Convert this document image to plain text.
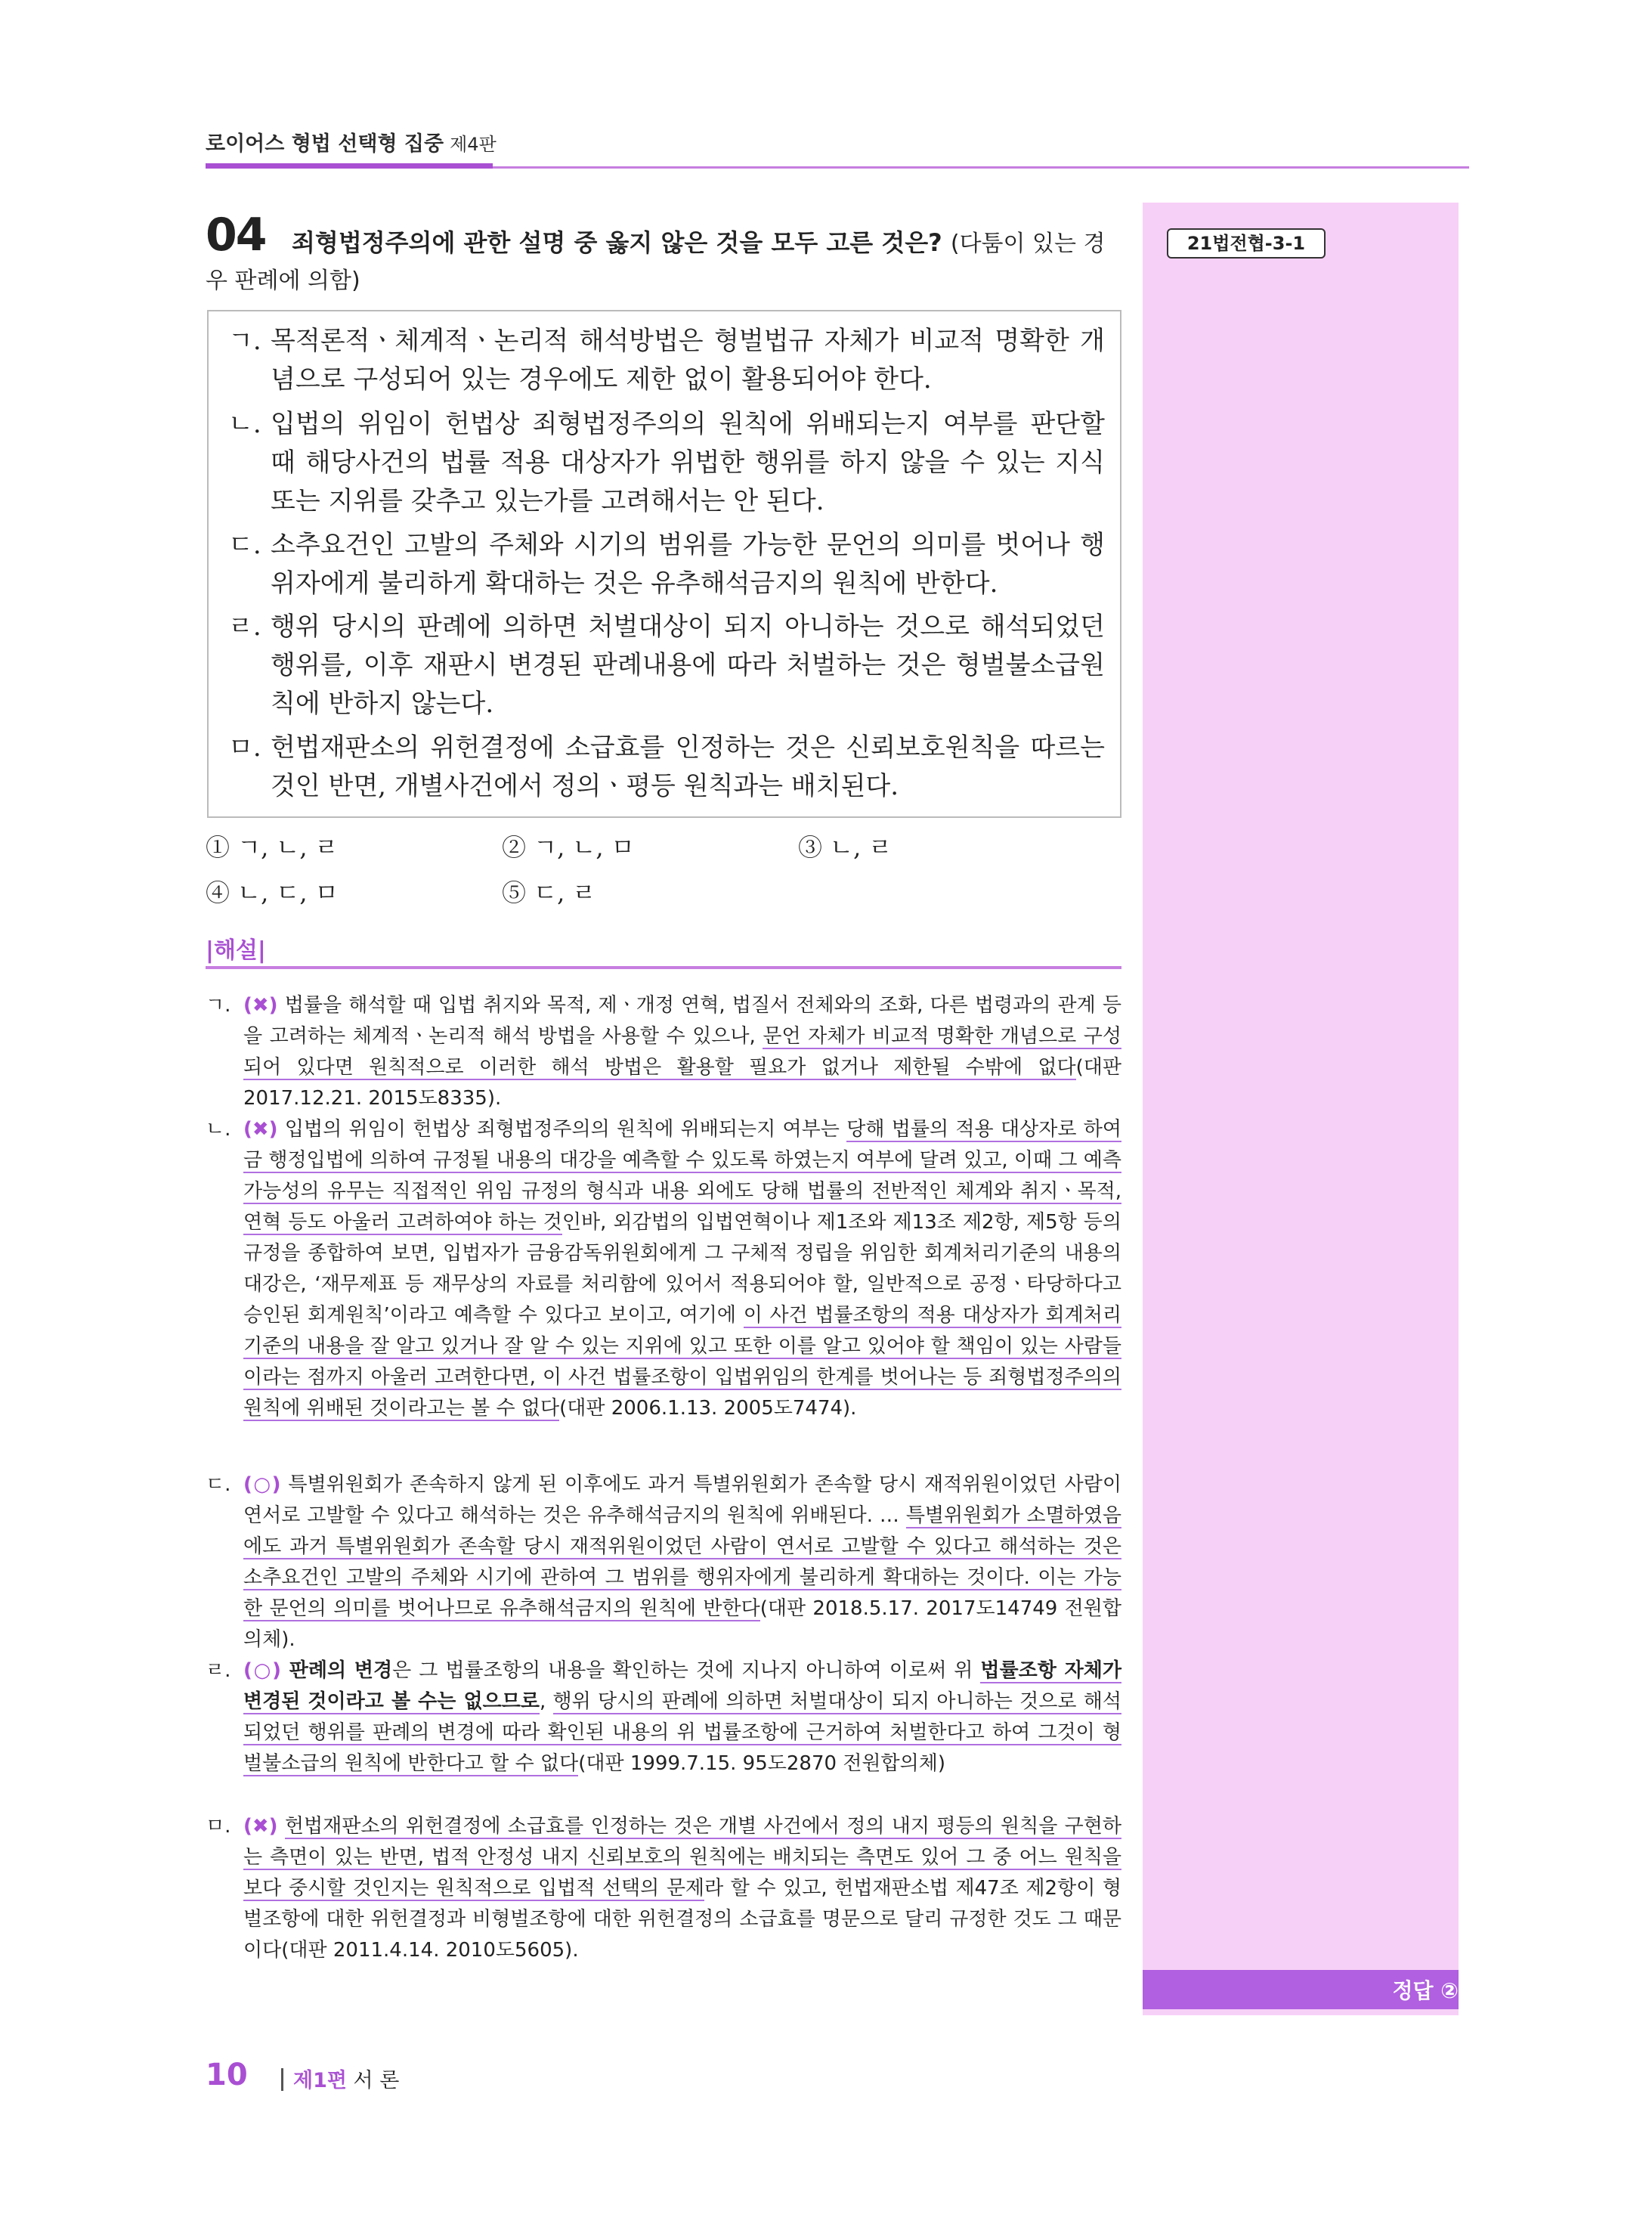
로이어스 형법 선택형 집중 제4판
21법전협-3-1
정답 ②
04 죄형법정주의에 관한 설명 중 옳지 않은 것을 모두 고른 것은? (다툼이 있는 경
우 판례에 의함)
ㄱ. 목적론적ㆍ체계적ㆍ논리적 해석방법은 형벌법규 자체가 비교적 명확한 개념으로 구성되어 있는 경우에도 제한 없이 활용되어야 한다.
ㄴ. 입법의 위임이 헌법상 죄형법정주의의 원칙에 위배되는지 여부를 판단할 때 해당사건의 법률 적용 대상자가 위법한 행위를 하지 않을 수 있는 지식 또는 지위를 갖추고 있는가를 고려해서는 안 된다.
ㄷ. 소추요건인 고발의 주체와 시기의 범위를 가능한 문언의 의미를 벗어나 행위자에게 불리하게 확대하는 것은 유추해석금지의 원칙에 반한다.
ㄹ. 행위 당시의 판례에 의하면 처벌대상이 되지 아니하는 것으로 해석되었던 행위를, 이후 재판시 변경된 판례내용에 따라 처벌하는 것은 형벌불소급원칙에 반하지 않는다.
ㅁ. 헌법재판소의 위헌결정에 소급효를 인정하는 것은 신뢰보호원칙을 따르는 것인 반면, 개별사건에서 정의ㆍ평등 원칙과는 배치된다.
① ㄱ, ㄴ, ㄹ	② ㄱ, ㄴ, ㅁ	③ ㄴ, ㄹ
④ ㄴ, ㄷ, ㅁ	⑤ ㄷ, ㄹ
|해설|
ㄱ. (✖) 법률을 해석할 때 입법 취지와 목적, 제ㆍ개정 연혁, 법질서 전체와의 조화, 다른 법령과의 관계 등을 고려하는 체계적ㆍ논리적 해석 방법을 사용할 수 있으나, 문언 자체가 비교적 명확한 개념으로 구성되어 있다면 원칙적으로 이러한 해석 방법은 활용할 필요가 없거나 제한될 수밖에 없다(대판 2017.12.21. 2015도8335).
ㄴ. (✖) 입법의 위임이 헌법상 죄형법정주의의 원칙에 위배되는지 여부는 당해 법률의 적용 대상자로 하여금 행정입법에 의하여 규정될 내용의 대강을 예측할 수 있도록 하였는지 여부에 달려 있고, 이때 그 예측가능성의 유무는 직접적인 위임 규정의 형식과 내용 외에도 당해 법률의 전반적인 체계와 취지ㆍ목적, 연혁 등도 아울러 고려하여야 하는 것인바, 외감법의 입법연혁이나 제1조와 제13조 제2항, 제5항 등의 규정을 종합하여 보면, 입법자가 금융감독위원회에게 그 구체적 정립을 위임한 회계처리기준의 내용의 대강은, ‘재무제표 등 재무상의 자료를 처리함에 있어서 적용되어야 할, 일반적으로 공정ㆍ타당하다고 승인된 회계원칙’이라고 예측할 수 있다고 보이고, 여기에 이 사건 법률조항의 적용 대상자가 회계처리기준의 내용을 잘 알고 있거나 잘 알 수 있는 지위에 있고 또한 이를 알고 있어야 할 책임이 있는 사람들이라는 점까지 아울러 고려한다면, 이 사건 법률조항이 입법위임의 한계를 벗어나는 등 죄형법정주의의 원칙에 위배된 것이라고는 볼 수 없다(대판 2006.1.13. 2005도7474).
ㄷ. (○) 특별위원회가 존속하지 않게 된 이후에도 과거 특별위원회가 존속할 당시 재적위원이었던 사람이 연서로 고발할 수 있다고 해석하는 것은 유추해석금지의 원칙에 위배된다. … 특별위원회가 소멸하였음에도 과거 특별위원회가 존속할 당시 재적위원이었던 사람이 연서로 고발할 수 있다고 해석하는 것은 소추요건인 고발의 주체와 시기에 관하여 그 범위를 행위자에게 불리하게 확대하는 것이다. 이는 가능한 문언의 의미를 벗어나므로 유추해석금지의 원칙에 반한다(대판 2018.5.17. 2017도14749 전원합의체).
ㄹ. (○) 판례의 변경은 그 법률조항의 내용을 확인하는 것에 지나지 아니하여 이로써 위 법률조항 자체가 변경된 것이라고 볼 수는 없으므로, 행위 당시의 판례에 의하면 처벌대상이 되지 아니하는 것으로 해석되었던 행위를 판례의 변경에 따라 확인된 내용의 위 법률조항에 근거하여 처벌한다고 하여 그것이 형벌불소급의 원칙에 반한다고 할 수 없다(대판 1999.7.15. 95도2870 전원합의체)
ㅁ. (✖) 헌법재판소의 위헌결정에 소급효를 인정하는 것은 개별 사건에서 정의 내지 평등의 원칙을 구현하는 측면이 있는 반면, 법적 안정성 내지 신뢰보호의 원칙에는 배치되는 측면도 있어 그 중 어느 원칙을 보다 중시할 것인지는 원칙적으로 입법적 선택의 문제라 할 수 있고, 헌법재판소법 제47조 제2항이 형벌조항에 대한 위헌결정과 비형벌조항에 대한 위헌결정의 소급효를 명문으로 달리 규정한 것도 그 때문이다(대판 2011.4.14. 2010도5605).
10 제1편 서 론
